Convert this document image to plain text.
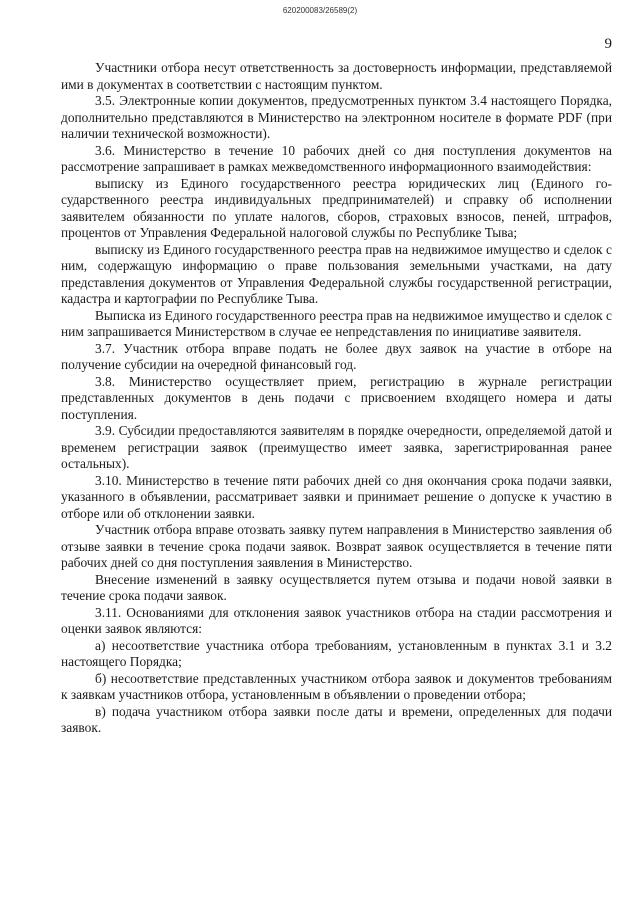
620200083/26589(2)
9

Участники отбора несут ответственность за достоверность информации, представляемой ими в документах в соответствии с настоящим пунктом.

3.5. Электронные копии документов, предусмотренных пунктом 3.4 настоящего Порядка, дополнительно представляются в Министерство на электронном носителе в формате PDF (при наличии технической возможности).

3.6. Министерство в течение 10 рабочих дней со дня поступления документов на рассмотрение запрашивает в рамках межведомственного информационного взаимодействия:

выписку из Единого государственного реестра юридических лиц (Единого государственного реестра индивидуальных предпринимателей) и справку об исполнении заявителем обязанности по уплате налогов, сборов, страховых взносов, пеней, штрафов, процентов от Управления Федеральной налоговой службы по Республике Тыва;

выписку из Единого государственного реестра прав на недвижимое имущество и сделок с ним, содержащую информацию о праве пользования земельными участками, на дату представления документов от Управления Федеральной службы государственной регистрации, кадастра и картографии по Республике Тыва.

Выписка из Единого государственного реестра прав на недвижимое имущество и сделок с ним запрашивается Министерством в случае ее непредставления по инициативе заявителя.

3.7. Участник отбора вправе подать не более двух заявок на участие в отборе на получение субсидии на очередной финансовый год.

3.8. Министерство осуществляет прием, регистрацию в журнале регистрации представленных документов в день подачи с присвоением входящего номера и даты поступления.

3.9. Субсидии предоставляются заявителям в порядке очередности, определяемой датой и временем регистрации заявок (преимущество имеет заявка, зарегистрированная ранее остальных).

3.10. Министерство в течение пяти рабочих дней со дня окончания срока подачи заявки, указанного в объявлении, рассматривает заявки и принимает решение о допуске к участию в отборе или об отклонении заявки.

Участник отбора вправе отозвать заявку путем направления в Министерство заявления об отзыве заявки в течение срока подачи заявок. Возврат заявок осуществляется в течение пяти рабочих дней со дня поступления заявления в Министерство.

Внесение изменений в заявку осуществляется путем отзыва и подачи новой заявки в течение срока подачи заявок.

3.11. Основаниями для отклонения заявок участников отбора на стадии рассмотрения и оценки заявок являются:

а) несоответствие участника отбора требованиям, установленным в пунктах 3.1 и 3.2 настоящего Порядка;

б) несоответствие представленных участником отбора заявок и документов требованиям к заявкам участников отбора, установленным в объявлении о проведении отбора;

в) подача участником отбора заявки после даты и времени, определенных для подачи заявок.
